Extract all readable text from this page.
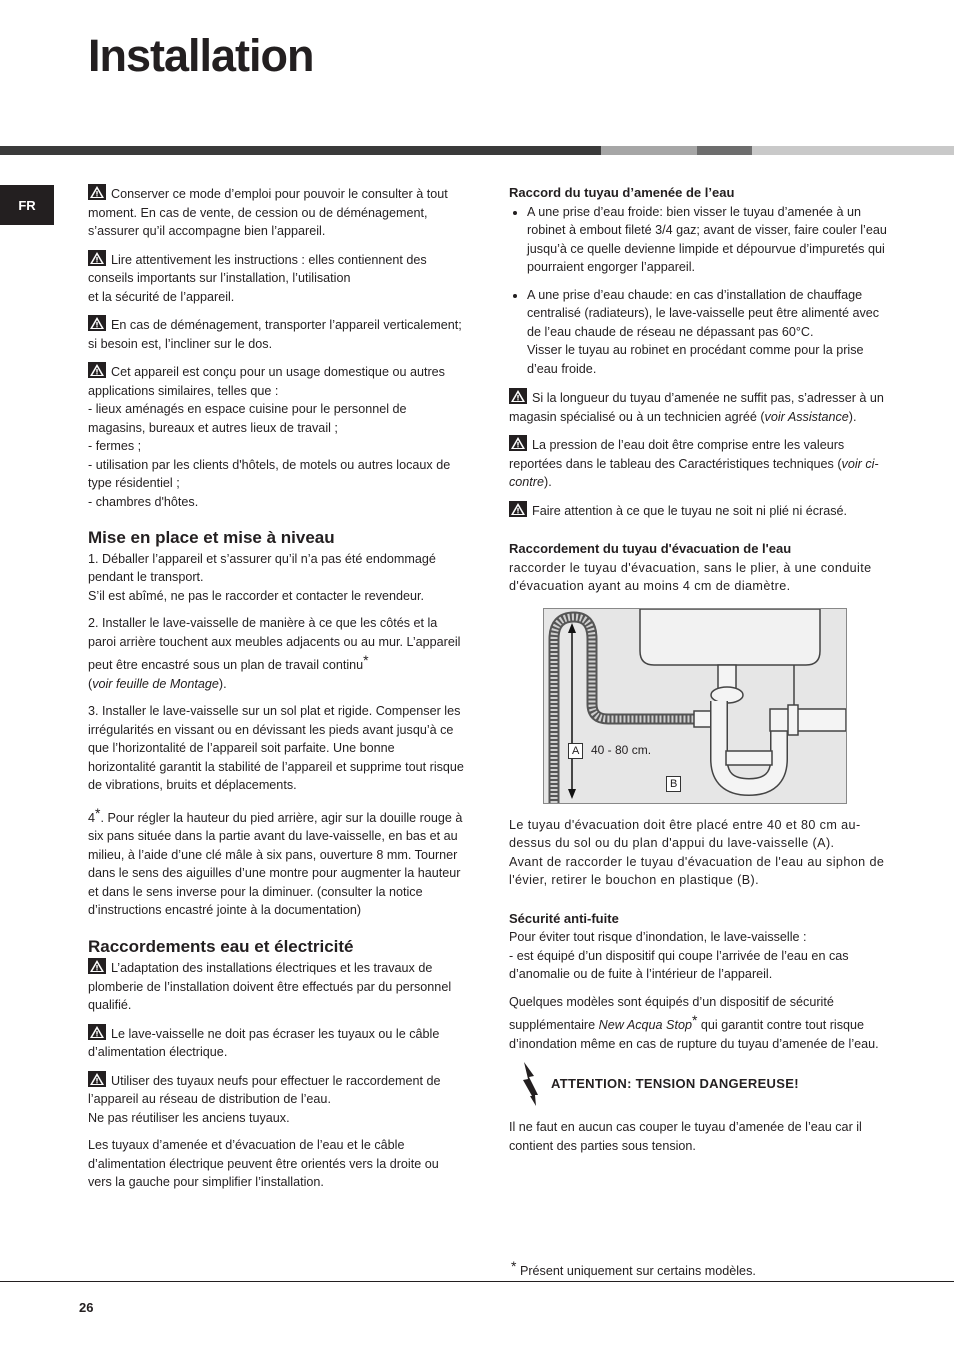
Installation
FR

Conserver ce mode d’emploi pour pouvoir le consulter à tout moment. En cas de vente, de cession ou de déménagement, s’assurer qu’il accompagne bien l’appareil.

Lire attentivement les instructions : elles contiennent des conseils importants sur l’installation, l’utilisation
et la sécurité de l’appareil.

En cas de déménagement, transporter l’appareil verticalement; si besoin est, l’incliner sur le dos.

Cet appareil est conçu pour un usage domestique ou autres applications similaires, telles que :
- lieux aménagés en espace cuisine pour le personnel de magasins, bureaux et autres lieux de travail ;
- fermes ;
- utilisation par les clients d'hôtels, de motels ou autres locaux de type résidentiel ;
- chambres d'hôtes.

Mise en place et mise à niveau

1. Déballer l’appareil et s’assurer qu’il n’a pas été endommagé pendant le transport.
S’il est abîmé, ne pas le raccorder et contacter le revendeur.

2. Installer le lave-vaisselle de manière à ce que les côtés et la paroi arrière touchent aux meubles adjacents ou au mur. L’appareil peut être encastré sous un plan de travail continu*
(voir feuille de Montage).

3. Installer le lave-vaisselle sur un sol plat et rigide. Compenser les irrégularités en vissant ou en dévissant les pieds avant jusqu’à ce que l’horizontalité de l’appareil soit parfaite. Une bonne horizontalité garantit la stabilité de l’appareil et supprime tout risque de vibrations, bruits et déplacements.

4*. Pour régler la hauteur du pied arrière, agir sur la douille rouge à six pans située dans la partie avant du lave-vaisselle, en bas et au milieu, à l’aide d’une clé mâle à six pans, ouverture 8 mm. Tourner dans le sens des aiguilles d’une montre pour augmenter la hauteur et dans le sens inverse pour la diminuer. (consulter la notice d’instructions encastré jointe à la documentation)

Raccordements eau et électricité

L’adaptation des installations électriques et les travaux de plomberie de l’installation doivent être effectués par du personnel qualifié.

Le lave-vaisselle ne doit pas écraser les tuyaux ou le câble d’alimentation électrique.

Utiliser des tuyaux neufs pour effectuer le raccordement de l’appareil au réseau de distribution de l’eau.
Ne pas réutiliser les anciens tuyaux.

Les tuyaux d’amenée et d’évacuation de l’eau et le câble d’alimentation électrique peuvent être orientés vers la droite ou vers la gauche pour simplifier l’installation.

Raccord du tuyau d’amenée de l’eau
• A une prise d’eau froide: bien visser le tuyau d’amenée à un robinet à embout fileté 3/4 gaz; avant de visser, faire couler l’eau jusqu’à ce quelle devienne limpide et dépourvue d’impuretés qui pourraient engorger l’appareil.
• A une prise d’eau chaude: en cas d’installation de chauffage centralisé (radiateurs), le lave-vaisselle peut être alimenté avec de l’eau chaude de réseau ne dépassant pas 60°C.
Visser le tuyau au robinet en procédant comme pour la prise d’eau froide.

Si la longueur du tuyau d’amenée ne suffit pas, s’adresser à un magasin spécialisé ou à un technicien agréé (voir Assistance).

La pression de l’eau doit être comprise entre les valeurs reportées dans le tableau des Caractéristiques techniques (voir ci-contre).

Faire attention à ce que le tuyau ne soit ni plié ni écrasé.

Raccordement du tuyau d'évacuation de l'eau

raccorder le tuyau d'évacuation, sans le plier, à une conduite d'évacuation ayant au moins 4 cm de diamètre.

A 40 - 80 cm.
B

Le tuyau d'évacuation doit être placé entre 40 et 80 cm au-dessus du sol ou du plan d'appui du lave-vaisselle (A).

Avant de raccorder le tuyau d'évacuation de l'eau au siphon de l'évier, retirer le bouchon en plastique (B).

Sécurité anti-fuite

Pour éviter tout risque d’inondation, le lave-vaisselle :
- est équipé d’un dispositif qui coupe l’arrivée de l’eau en cas d’anomalie ou de fuite à l’intérieur de l’appareil.

Quelques modèles sont équipés d’un dispositif de sécurité supplémentaire New Acqua Stop* qui garantit contre tout risque d’inondation même en cas de rupture du tuyau d’amenée de l’eau.

ATTENTION: TENSION DANGEREUSE!

Il ne faut en aucun cas couper le tuyau d’amenée de l’eau car il contient des parties sous tension.

* Présent uniquement sur certains modèles.
26
